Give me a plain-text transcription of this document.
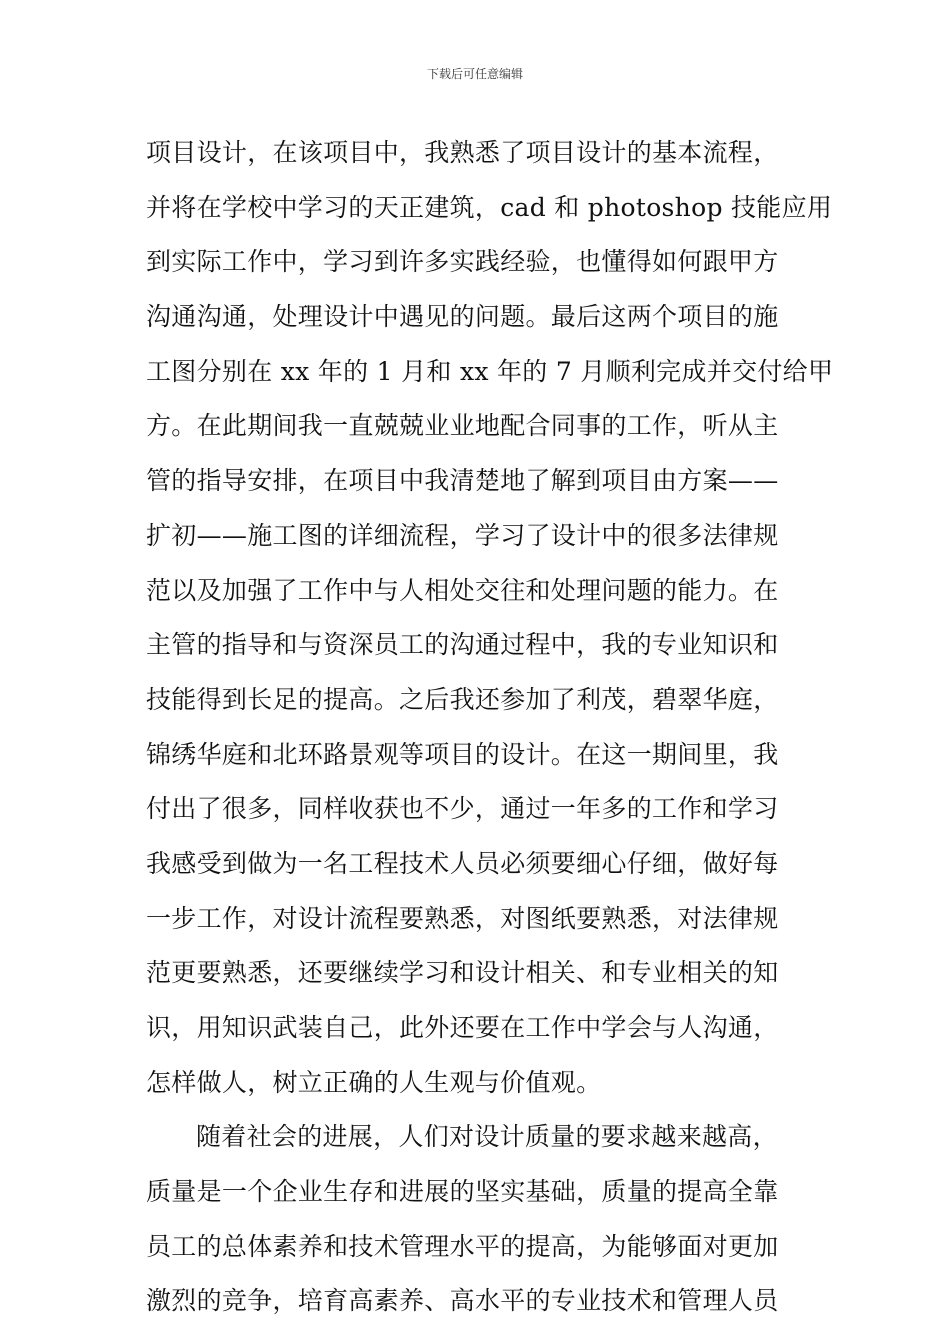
下载后可任意编辑
项目设计，在该项目中，我熟悉了项目设计的基本流程，
并将在学校中学习的天正建筑，cad 和 photoshop 技能应用
到实际工作中，学习到许多实践经验，也懂得如何跟甲方
沟通沟通，处理设计中遇见的问题。最后这两个项目的施
工图分别在 xx 年的 1 月和 xx 年的 7 月顺利完成并交付给甲
方。在此期间我一直兢兢业业地配合同事的工作，听从主
管的指导安排，在项目中我清楚地了解到项目由方案——
扩初——施工图的详细流程，学习了设计中的很多法律规
范以及加强了工作中与人相处交往和处理问题的能力。在
主管的指导和与资深员工的沟通过程中，我的专业知识和
技能得到长足的提高。之后我还参加了利茂，碧翠华庭，
锦绣华庭和北环路景观等项目的设计。在这一期间里，我
付出了很多，同样收获也不少，通过一年多的工作和学习
我感受到做为一名工程技术人员必须要细心仔细，做好每
一步工作，对设计流程要熟悉，对图纸要熟悉，对法律规
范更要熟悉，还要继续学习和设计相关、和专业相关的知
识，用知识武装自己，此外还要在工作中学会与人沟通，
怎样做人，树立正确的人生观与价值观。
随着社会的进展，人们对设计质量的要求越来越高，
质量是一个企业生存和进展的坚实基础，质量的提高全靠
员工的总体素养和技术管理水平的提高，为能够面对更加
激烈的竞争，培育高素养、高水平的专业技术和管理人员
